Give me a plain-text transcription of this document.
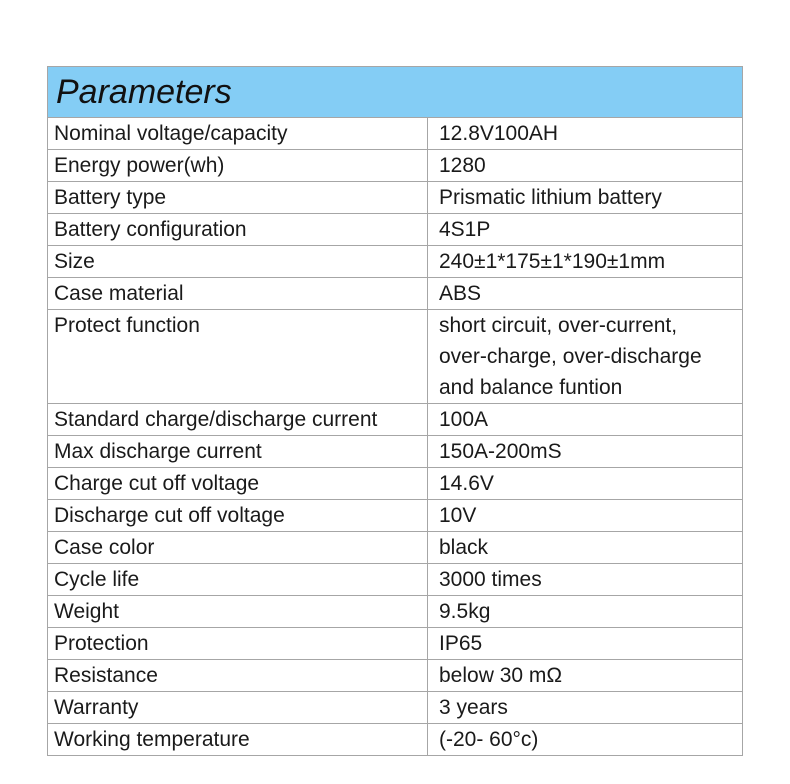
Parameters	
Nominal voltage/capacity	12.8V100AH
Energy power(wh)	1280
Battery type	Prismatic lithium battery
Battery configuration	4S1P
Size	240±1*175±1*190±1mm
Case material	ABS
Protect function	short circuit, over-current,
over-charge, over-discharge
and balance funtion

Standard charge/discharge current	100A
Max discharge current	150A-200mS
Charge cut off voltage	14.6V
Discharge cut off voltage	10V
Case color	black
Cycle life	3000 times
Weight	9.5kg
Protection	IP65
Resistance	below 30 mΩ
Warranty	3 years
Working temperature	(-20- 60°c)
